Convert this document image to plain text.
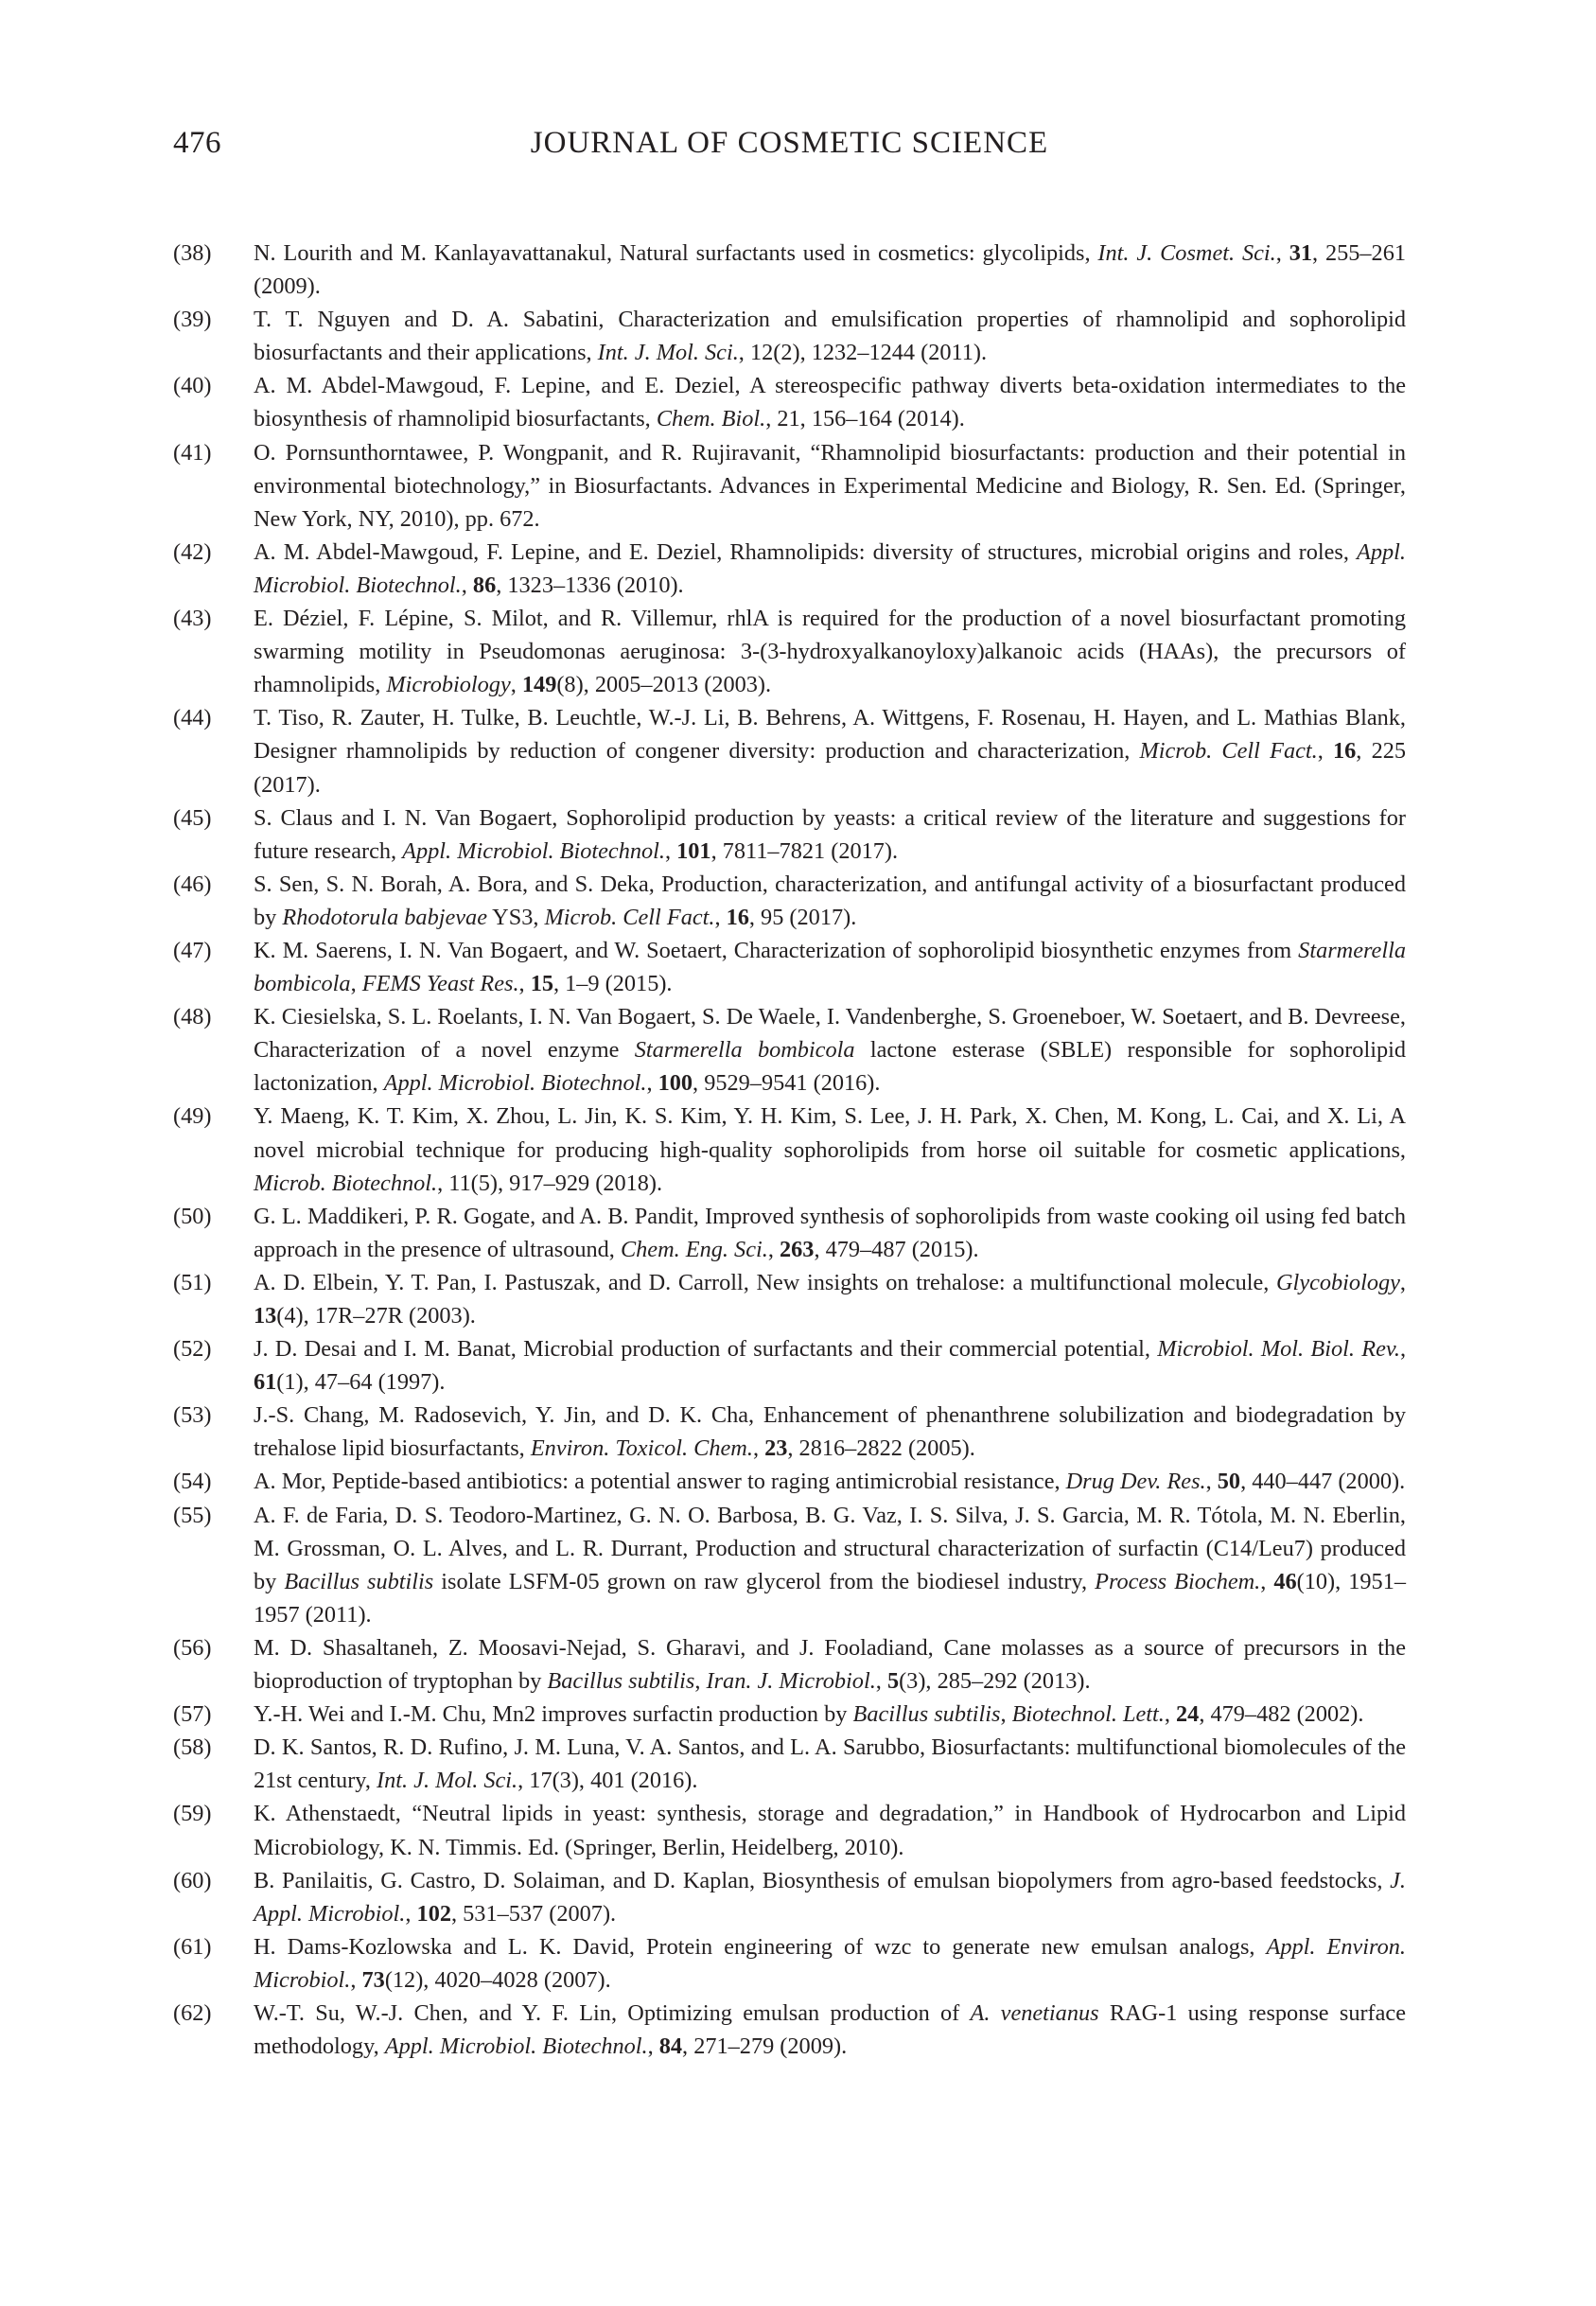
476	JOURNAL OF COSMETIC SCIENCE
(38) N. Lourith and M. Kanlayavattanakul, Natural surfactants used in cosmetics: glycolipids, Int. J. Cosmet. Sci., 31, 255–261 (2009).
(39) T. T. Nguyen and D. A. Sabatini, Characterization and emulsification properties of rhamnolipid and sophorolipid biosurfactants and their applications, Int. J. Mol. Sci., 12(2), 1232–1244 (2011).
(40) A. M. Abdel-Mawgoud, F. Lepine, and E. Deziel, A stereospecific pathway diverts beta-oxidation intermediates to the biosynthesis of rhamnolipid biosurfactants, Chem. Biol., 21, 156–164 (2014).
(41) O. Pornsunthorntawee, P. Wongpanit, and R. Rujiravanit, “Rhamnolipid biosurfactants: production and their potential in environmental biotechnology,” in Biosurfactants. Advances in Experimental Medicine and Biology, R. Sen. Ed. (Springer, New York, NY, 2010), pp. 672.
(42) A. M. Abdel-Mawgoud, F. Lepine, and E. Deziel, Rhamnolipids: diversity of structures, microbial origins and roles, Appl. Microbiol. Biotechnol., 86, 1323–1336 (2010).
(43) E. Déziel, F. Lépine, S. Milot, and R. Villemur, rhlA is required for the production of a novel biosurfactant promoting swarming motility in Pseudomonas aeruginosa: 3-(3-hydroxyalkanoyloxy)alkanoic acids (HAAs), the precursors of rhamnolipids, Microbiology, 149(8), 2005–2013 (2003).
(44) T. Tiso, R. Zauter, H. Tulke, B. Leuchtle, W.-J. Li, B. Behrens, A. Wittgens, F. Rosenau, H. Hayen, and L. Mathias Blank, Designer rhamnolipids by reduction of congener diversity: production and characterization, Microb. Cell Fact., 16, 225 (2017).
(45) S. Claus and I. N. Van Bogaert, Sophorolipid production by yeasts: a critical review of the literature and suggestions for future research, Appl. Microbiol. Biotechnol., 101, 7811–7821 (2017).
(46) S. Sen, S. N. Borah, A. Bora, and S. Deka, Production, characterization, and antifungal activity of a biosurfactant produced by Rhodotorula babjevae YS3, Microb. Cell Fact., 16, 95 (2017).
(47) K. M. Saerens, I. N. Van Bogaert, and W. Soetaert, Characterization of sophorolipid biosynthetic enzymes from Starmerella bombicola, FEMS Yeast Res., 15, 1–9 (2015).
(48) K. Ciesielska, S. L. Roelants, I. N. Van Bogaert, S. De Waele, I. Vandenberghe, S. Groeneboer, W. Soetaert, and B. Devreese, Characterization of a novel enzyme Starmerella bombicola lactone esterase (SBLE) responsible for sophorolipid lactonization, Appl. Microbiol. Biotechnol., 100, 9529–9541 (2016).
(49) Y. Maeng, K. T. Kim, X. Zhou, L. Jin, K. S. Kim, Y. H. Kim, S. Lee, J. H. Park, X. Chen, M. Kong, L. Cai, and X. Li, A novel microbial technique for producing high-quality sophorolipids from horse oil suitable for cosmetic applications, Microb. Biotechnol., 11(5), 917–929 (2018).
(50) G. L. Maddikeri, P. R. Gogate, and A. B. Pandit, Improved synthesis of sophorolipids from waste cooking oil using fed batch approach in the presence of ultrasound, Chem. Eng. Sci., 263, 479–487 (2015).
(51) A. D. Elbein, Y. T. Pan, I. Pastuszak, and D. Carroll, New insights on trehalose: a multifunctional molecule, Glycobiology, 13(4), 17R–27R (2003).
(52) J. D. Desai and I. M. Banat, Microbial production of surfactants and their commercial potential, Microbiol. Mol. Biol. Rev., 61(1), 47–64 (1997).
(53) J.-S. Chang, M. Radosevich, Y. Jin, and D. K. Cha, Enhancement of phenanthrene solubilization and biodegradation by trehalose lipid biosurfactants, Environ. Toxicol. Chem., 23, 2816–2822 (2005).
(54) A. Mor, Peptide-based antibiotics: a potential answer to raging antimicrobial resistance, Drug Dev. Res., 50, 440–447 (2000).
(55) A. F. de Faria, D. S. Teodoro-Martinez, G. N. O. Barbosa, B. G. Vaz, I. S. Silva, J. S. Garcia, M. R. Tótola, M. N. Eberlin, M. Grossman, O. L. Alves, and L. R. Durrant, Production and structural characterization of surfactin (C14/Leu7) produced by Bacillus subtilis isolate LSFM-05 grown on raw glycerol from the biodiesel industry, Process Biochem., 46(10), 1951–1957 (2011).
(56) M. D. Shasaltaneh, Z. Moosavi-Nejad, S. Gharavi, and J. Fooladiand, Cane molasses as a source of precursors in the bioproduction of tryptophan by Bacillus subtilis, Iran. J. Microbiol., 5(3), 285–292 (2013).
(57) Y.-H. Wei and I.-M. Chu, Mn2 improves surfactin production by Bacillus subtilis, Biotechnol. Lett., 24, 479–482 (2002).
(58) D. K. Santos, R. D. Rufino, J. M. Luna, V. A. Santos, and L. A. Sarubbo, Biosurfactants: multifunctional biomolecules of the 21st century, Int. J. Mol. Sci., 17(3), 401 (2016).
(59) K. Athenstaedt, “Neutral lipids in yeast: synthesis, storage and degradation,” in Handbook of Hydrocarbon and Lipid Microbiology, K. N. Timmis. Ed. (Springer, Berlin, Heidelberg, 2010).
(60) B. Panilaitis, G. Castro, D. Solaiman, and D. Kaplan, Biosynthesis of emulsan biopolymers from agro-based feedstocks, J. Appl. Microbiol., 102, 531–537 (2007).
(61) H. Dams-Kozlowska and L. K. David, Protein engineering of wzc to generate new emulsan analogs, Appl. Environ. Microbiol., 73(12), 4020–4028 (2007).
(62) W.-T. Su, W.-J. Chen, and Y. F. Lin, Optimizing emulsan production of A. venetianus RAG-1 using response surface methodology, Appl. Microbiol. Biotechnol., 84, 271–279 (2009).
